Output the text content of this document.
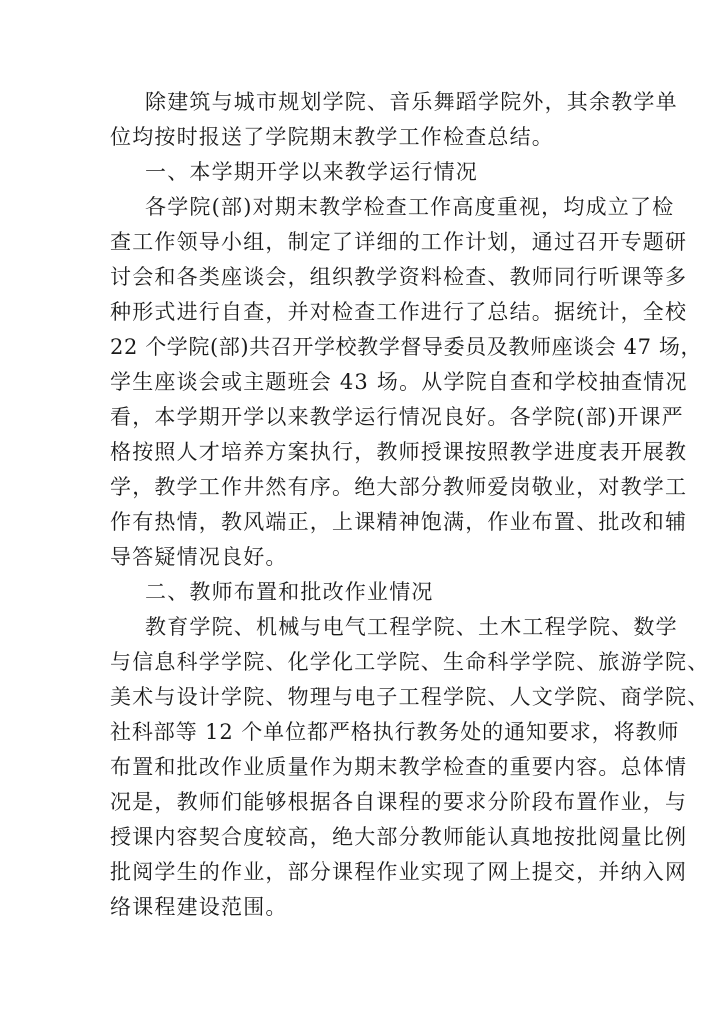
除建筑与城市规划学院、音乐舞蹈学院外，其余教学单
位均按时报送了学院期末教学工作检查总结。
一、本学期开学以来教学运行情况
各学院(部)对期末教学检查工作高度重视，均成立了检
查工作领导小组，制定了详细的工作计划，通过召开专题研
讨会和各类座谈会，组织教学资料检查、教师同行听课等多
种形式进行自查，并对检查工作进行了总结。据统计，全校
22 个学院(部)共召开学校教学督导委员及教师座谈会 47 场，
学生座谈会或主题班会 43 场。从学院自查和学校抽查情况
看，本学期开学以来教学运行情况良好。各学院(部)开课严
格按照人才培养方案执行，教师授课按照教学进度表开展教
学，教学工作井然有序。绝大部分教师爱岗敬业，对教学工
作有热情，教风端正，上课精神饱满，作业布置、批改和辅
导答疑情况良好。
二、教师布置和批改作业情况
教育学院、机械与电气工程学院、土木工程学院、数学
与信息科学学院、化学化工学院、生命科学学院、旅游学院、
美术与设计学院、物理与电子工程学院、人文学院、商学院、
社科部等 12 个单位都严格执行教务处的通知要求，将教师
布置和批改作业质量作为期末教学检查的重要内容。总体情
况是，教师们能够根据各自课程的要求分阶段布置作业，与
授课内容契合度较高，绝大部分教师能认真地按批阅量比例
批阅学生的作业，部分课程作业实现了网上提交，并纳入网
络课程建设范围。
